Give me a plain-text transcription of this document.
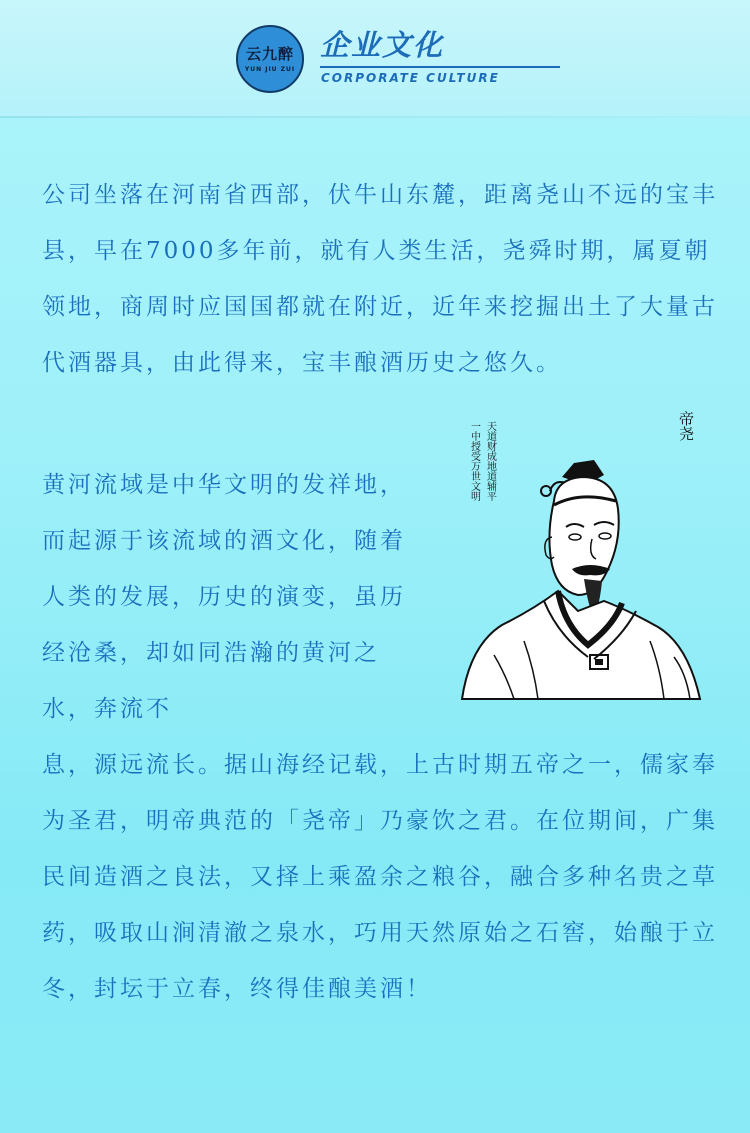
云九醉
YUN JIU ZUI
企业文化
CORPORATE CULTURE

公司坐落在河南省西部，伏牛山东麓，距离尧山不远的宝丰县，早在7000多年前，就有人类生活，尧舜时期，属夏朝领地，商周时应国国都就在附近，近年来挖掘出土了大量古代酒器具，由此得来，宝丰酿酒历史之悠久。

黄河流域是中华文明的发祥地，而起源于该流域的酒文化，随着人类的发展，历史的演变，虽历经沧桑，却如同浩瀚的黄河之水，奔流不

天道财成地道辅平
一中授受万世文明	帝尧

息，源远流长。据山海经记载，上古时期五帝之一，儒家奉为圣君，明帝典范的「尧帝」乃豪饮之君。在位期间，广集民间造酒之良法，又择上乘盈余之粮谷，融合多种名贵之草药，吸取山涧清澈之泉水，巧用天然原始之石窖，始酿于立冬，封坛于立春，终得佳酿美酒！
